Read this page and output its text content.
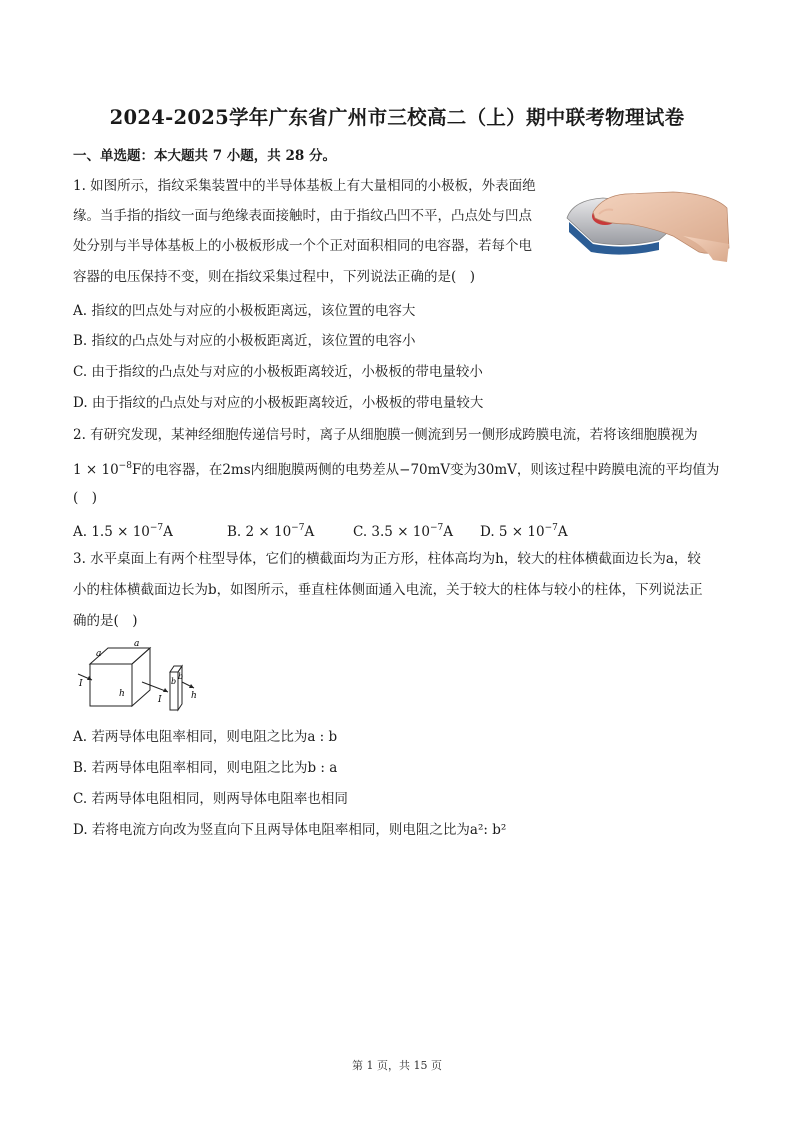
2024-2025学年广东省广州市三校高二（上）期中联考物理试卷
一、单选题：本大题共 7 小题，共 28 分。
1. 如图所示，指纹采集装置中的半导体基板上有大量相同的小极板，外表面绝
缘。当手指的指纹一面与绝缘表面接触时，由于指纹凸凹不平，凸点处与凹点
处分别与半导体基板上的小极板形成一个个正对面积相同的电容器，若每个电
容器的电压保持不变，则在指纹采集过程中，下列说法正确的是(　)
A. 指纹的凹点处与对应的小极板距离远，该位置的电容大
B. 指纹的凸点处与对应的小极板距离近，该位置的电容小
C. 由于指纹的凸点处与对应的小极板距离较近，小极板的带电量较小
D. 由于指纹的凸点处与对应的小极板距离较近，小极板的带电量较大
2. 有研究发现，某神经细胞传递信号时，离子从细胞膜一侧流到另一侧形成跨膜电流，若将该细胞膜视为
$1 \times 10^{-8}F$的电容器，在2ms内细胞膜两侧的电势差从−70mV变为30mV，则该过程中跨膜电流的平均值为
(　)
A. $1.5 \times 10^{-7}A$	B. $2 \times 10^{-7}A$	C. $3.5 \times 10^{-7}A$ D. $5 \times 10^{-7}A$
3. 水平桌面上有两个柱型导体，它们的横截面均为正方形，柱体高均为h，较大的柱体横截面边长为a，较
小的柱体横截面边长为b，如图所示，垂直柱体侧面通入电流，关于较大的柱体与较小的柱体，下列说法正
确的是(　)
a
a
h
I
I
b
b
h
A. 若两导体电阻率相同，则电阻之比为a : b
B. 若两导体电阻率相同，则电阻之比为b : a
C. 若两导体电阻相同，则两导体电阻率也相同
D. 若将电流方向改为竖直向下且两导体电阻率相同，则电阻之比为a²: b²
第 1 页，共 15 页
